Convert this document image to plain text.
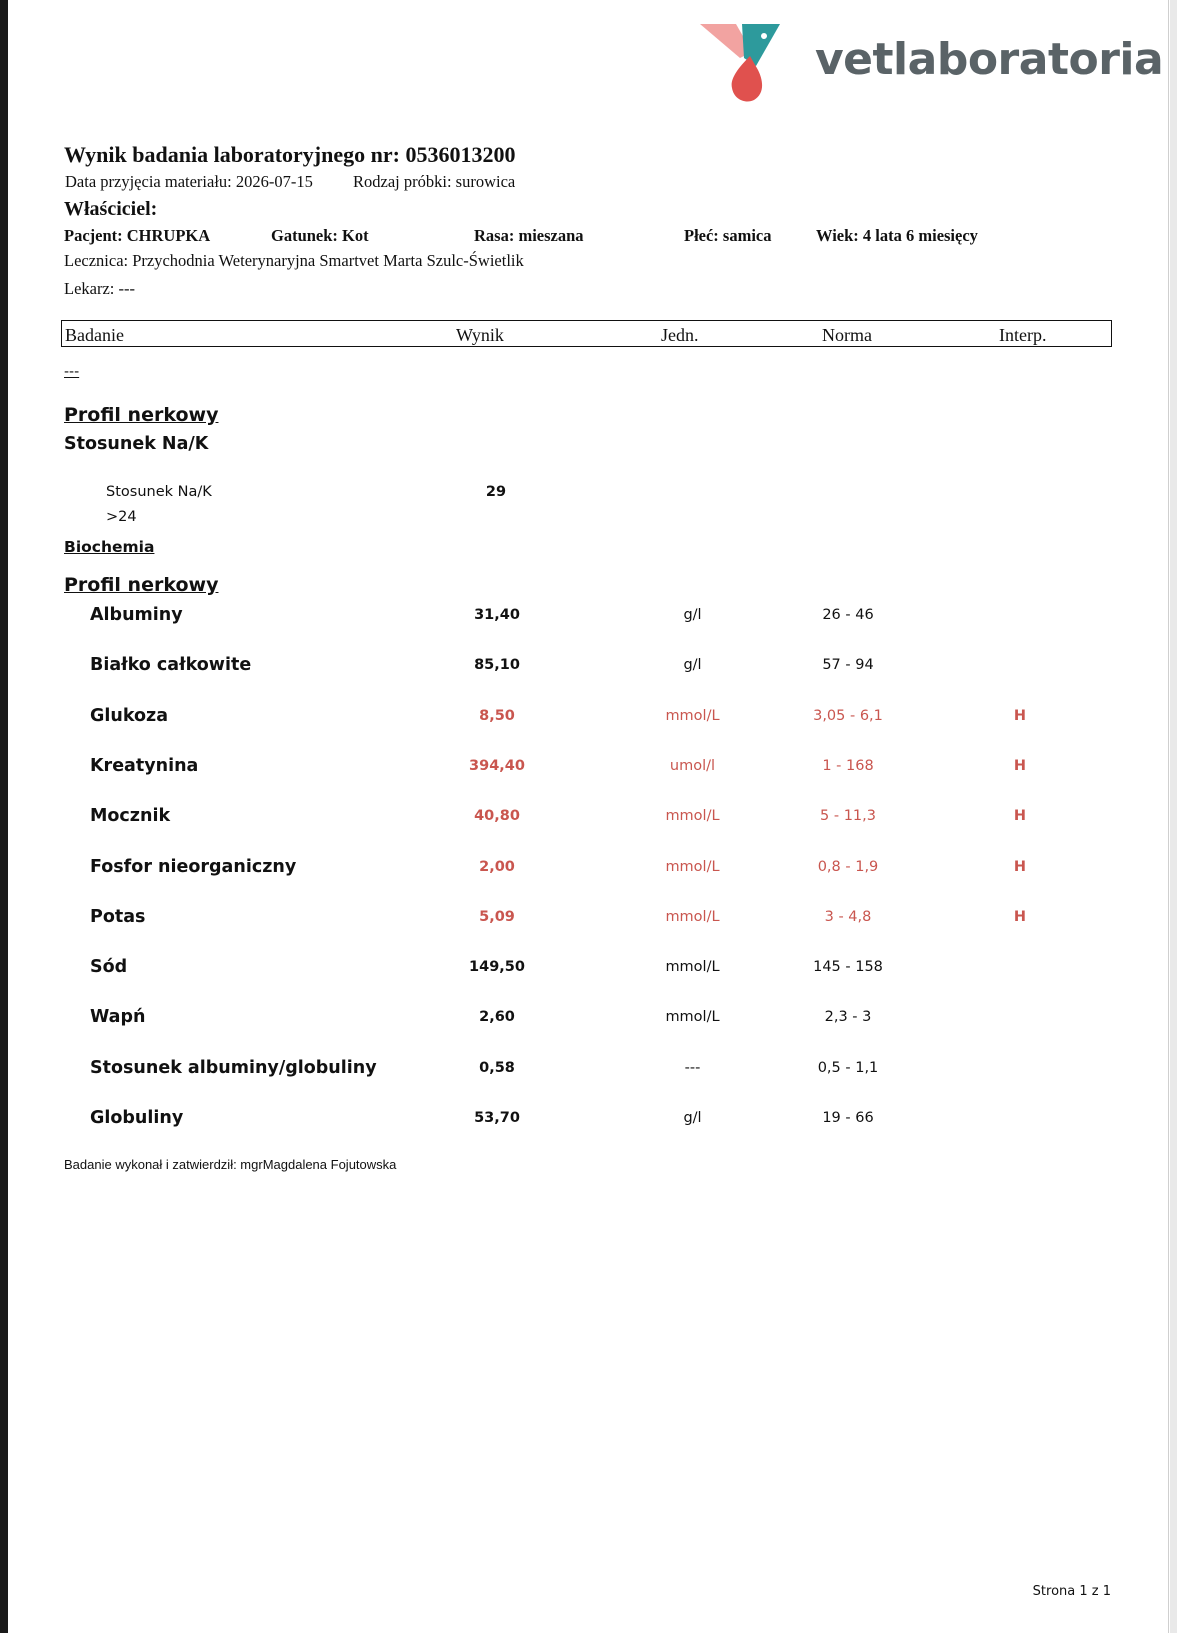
vetlaboratoria
Wynik badania laboratoryjnego nr: 0536013200
Data przyjęcia materiału: 2026-07-15 Rodzaj próbki: surowica
Właściciel:
Pacjent: CHRUPKA	Gatunek: Kot	Rasa: mieszana	Płeć: samica	Wiek: 4 lata 6 miesięcy
Lecznica: Przychodnia Weterynaryjna Smartvet Marta Szulc-Świetlik
Lekarz: ---
Badanie	Wynik	Jedn.	Norma	Interp.
---
Profil nerkowy
Stosunek Na/K
Stosunek Na/K	29
>24
Biochemia
Profil nerkowy
Albuminy	31,40	g/l	26 - 46
Białko całkowite	85,10	g/l	57 - 94
Glukoza	8,50	mmol/L	3,05 - 6,1	H
Kreatynina	394,40	umol/l	1 - 168	H
Mocznik	40,80	mmol/L	5 - 11,3	H
Fosfor nieorganiczny	2,00	mmol/L	0,8 - 1,9	H
Potas	5,09	mmol/L	3 - 4,8	H
Sód	149,50	mmol/L	145 - 158
Wapń	2,60	mmol/L	2,3 - 3
Stosunek albuminy/globuliny	0,58	---	0,5 - 1,1
Globuliny	53,70	g/l	19 - 66
Badanie wykonał i zatwierdził: mgrMagdalena Fojutowska
Strona 1 z 1
